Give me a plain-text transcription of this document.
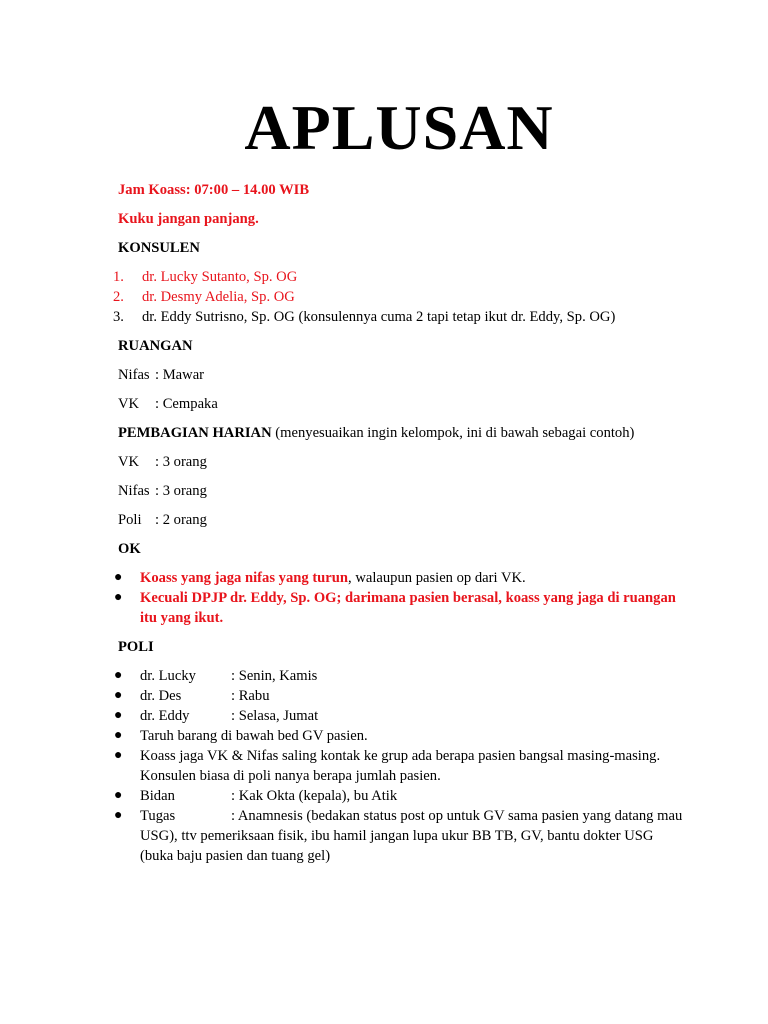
APLUSAN

Jam Koass: 07:00 – 14.00 WIB

Kuku jangan panjang.

KONSULEN

1. dr. Lucky Sutanto, Sp. OG
2. dr. Desmy Adelia, Sp. OG
3. dr. Eddy Sutrisno, Sp. OG (konsulennya cuma 2 tapi tetap ikut dr. Eddy, Sp. OG)

RUANGAN

Nifas : Mawar
VK	: Cempaka

PEMBAGIAN HARIAN (menyesuaikan ingin kelompok, ini di bawah sebagai contoh)

VK	: 3 orang
Nifas : 3 orang
Poli : 2 orang

OK

● Koass yang jaga nifas yang turun, walaupun pasien op dari VK.
● Kecuali DPJP dr. Eddy, Sp. OG; darimana pasien berasal, koass yang jaga di ruangan itu yang ikut.

POLI

● dr. Lucky : Senin, Kamis
● dr. Des	: Rabu
● dr. Eddy	: Selasa, Jumat
● Taruh barang di bawah bed GV pasien.
● Koass jaga VK & Nifas saling kontak ke grup ada berapa pasien bangsal masing-masing. Konsulen biasa di poli nanya berapa jumlah pasien.
● Bidan	: Kak Okta (kepala), bu Atik
● Tugas	: Anamnesis (bedakan status post op untuk GV sama pasien yang datang mau USG), ttv pemeriksaan fisik, ibu hamil jangan lupa ukur BB TB, GV, bantu dokter USG (buka baju pasien dan tuang gel)
